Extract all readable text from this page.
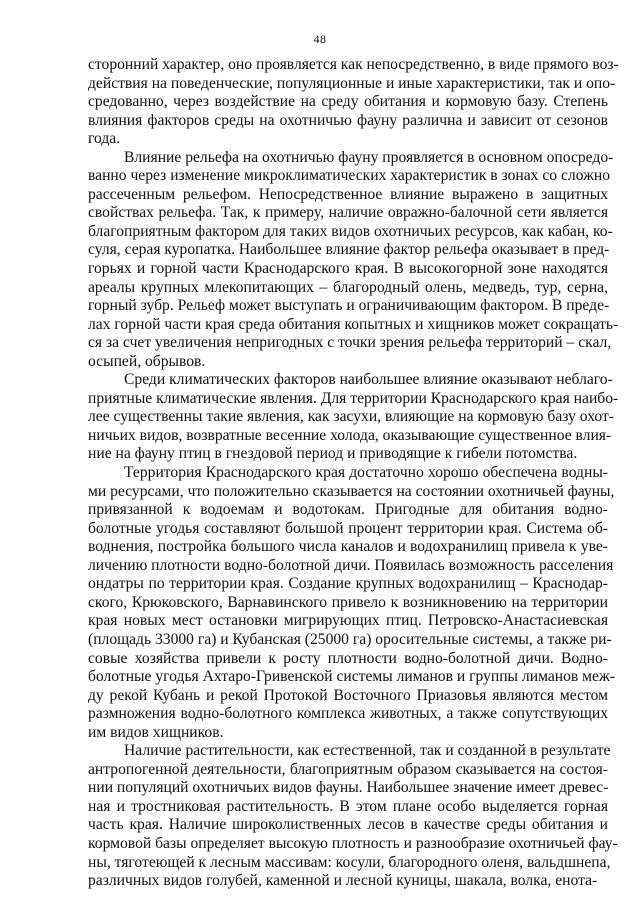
48
сторонний характер, оно проявляется как непосредственно, в виде прямого воз-
действия на поведенческие, популяционные и иные характеристики, так и опо-
средованно, через воздействие на среду обитания и кормовую базу. Степень
влияния факторов среды на охотничью фауну различна и зависит от сезонов
года.
Влияние рельефа на охотничью фауну проявляется в основном опосредо-
ванно через изменение микроклиматических характеристик в зонах со сложно
рассеченным рельефом. Непосредственное влияние выражено в защитных
свойствах рельефа. Так, к примеру, наличие овражно-балочной сети является
благоприятным фактором для таких видов охотничьих ресурсов, как кабан, ко-
суля, серая куропатка. Наибольшее влияние фактор рельефа оказывает в пред-
горьях и горной части Краснодарского края. В высокогорной зоне находятся
ареалы крупных млекопитающих – благородный олень, медведь, тур, серна,
горный зубр. Рельеф может выступать и ограничивающим фактором. В преде-
лах горной части края среда обитания копытных и хищников может сокращать-
ся за счет увеличения непригодных с точки зрения рельефа территорий – скал,
осыпей, обрывов.
Среди климатических факторов наибольшее влияние оказывают неблаго-
приятные климатические явления. Для территории Краснодарского края наибо-
лее существенны такие явления, как засухи, влияющие на кормовую базу охот-
ничьих видов, возвратные весенние холода, оказывающие существенное влия-
ние на фауну птиц в гнездовой период и приводящие к гибели потомства.
Территория Краснодарского края достаточно хорошо обеспечена водны-
ми ресурсами, что положительно сказывается на состоянии охотничьей фауны,
привязанной к водоемам и водотокам. Пригодные для обитания водно-
болотные угодья составляют большой процент территории края. Система об-
воднения, постройка большого числа каналов и водохранилищ привела к уве-
личению плотности водно-болотной дичи. Появилась возможность расселения
ондатры по территории края. Создание крупных водохранилищ – Краснодар-
ского, Крюковского, Варнавинского привело к возникновению на территории
края новых мест остановки мигрирующих птиц. Петровско-Анастасиевская
(площадь 33000 га) и Кубанская (25000 га) оросительные системы, а также ри-
совые хозяйства привели к росту плотности водно-болотной дичи. Водно-
болотные угодья Ахтаро-Гривенской системы лиманов и группы лиманов меж-
ду рекой Кубань и рекой Протокой Восточного Приазовья являются местом
размножения водно-болотного комплекса животных, а также сопутствующих
им видов хищников.
Наличие растительности, как естественной, так и созданной в результате
антропогенной деятельности, благоприятным образом сказывается на состоя-
нии популяций охотничьих видов фауны. Наибольшее значение имеет древес-
ная и тростниковая растительность. В этом плане особо выделяется горная
часть края. Наличие широколиственных лесов в качестве среды обитания и
кормовой базы определяет высокую плотность и разнообразие охотничьей фау-
ны, тяготеющей к лесным массивам: косули, благородного оленя, вальдшнепа,
различных видов голубей, каменной и лесной куницы, шакала, волка, енота-
